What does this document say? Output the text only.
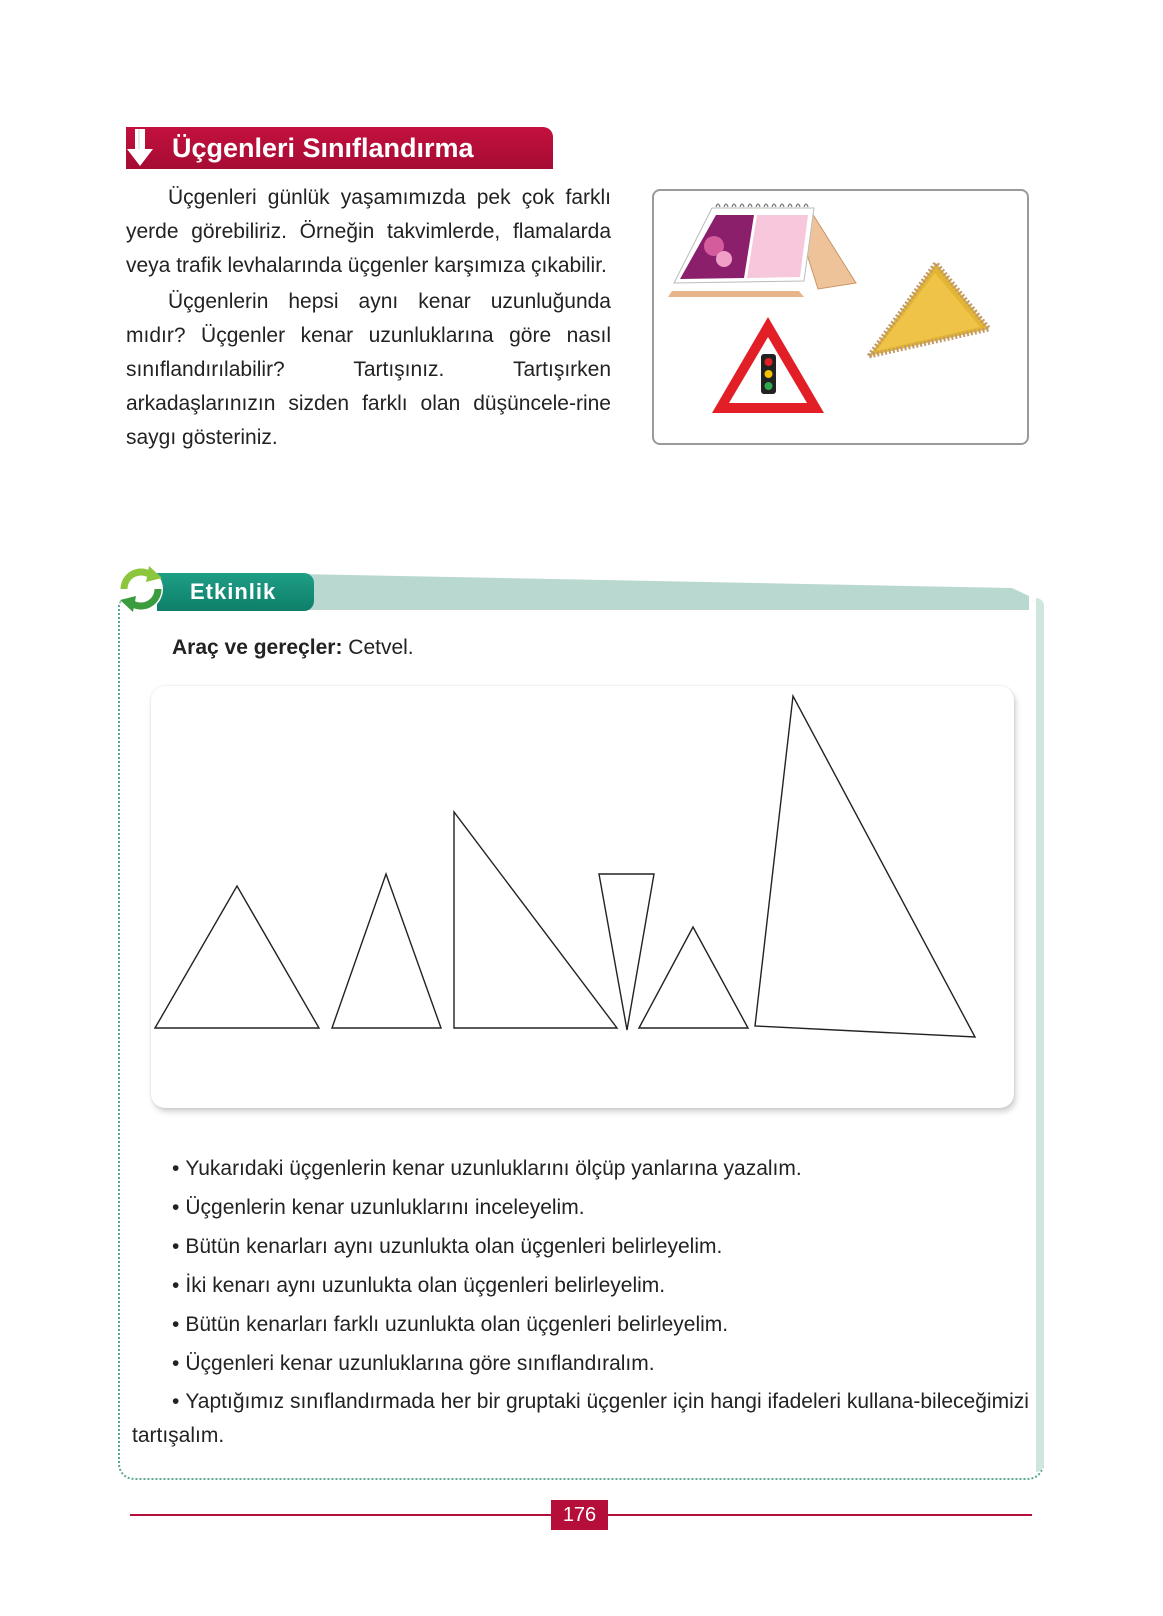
Üçgenleri Sınıflandırma

Üçgenleri günlük yaşamımızda pek çok farklı yerde görebiliriz. Örneğin takvimlerde, flamalarda veya trafik levhalarında üçgenler karşımıza çıkabilir.

Üçgenlerin hepsi aynı kenar uzunluğunda mıdır? Üçgenler kenar uzunluklarına göre nasıl sınıflandırılabilir? Tartışınız. Tartışırken arkadaşlarınızın sizden farklı olan düşüncele-rine saygı gösteriniz.

Etkinlik
Araç ve gereçler: Cetvel.
• Yukarıdaki üçgenlerin kenar uzunluklarını ölçüp yanlarına yazalım.
• Üçgenlerin kenar uzunluklarını inceleyelim.
• Bütün kenarları aynı uzunlukta olan üçgenleri belirleyelim.
• İki kenarı aynı uzunlukta olan üçgenleri belirleyelim.
• Bütün kenarları farklı uzunlukta olan üçgenleri belirleyelim.
• Üçgenleri kenar uzunluklarına göre sınıflandıralım.
• Yaptığımız sınıflandırmada her bir gruptaki üçgenler için hangi ifadeleri kullana-bileceğimizi tartışalım.
176
